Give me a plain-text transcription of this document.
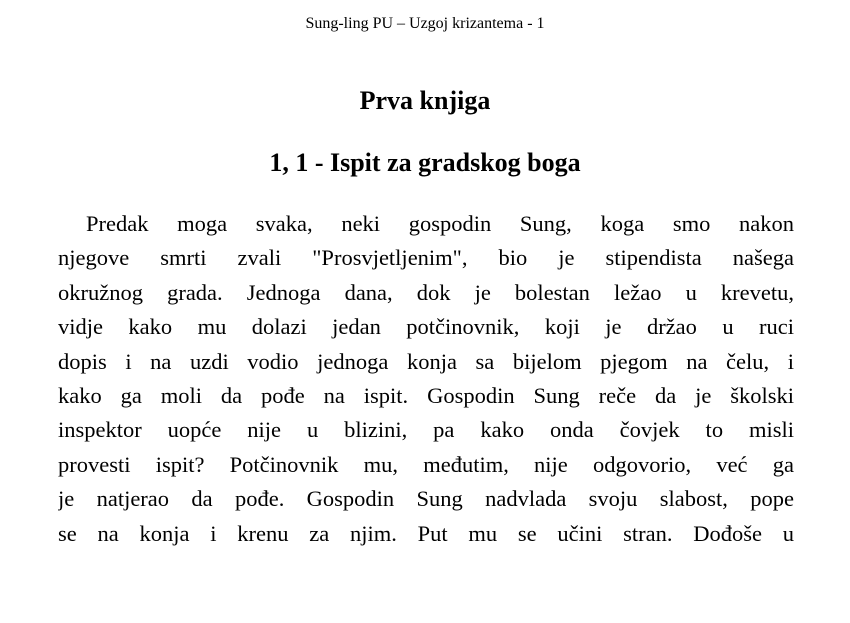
Sung-ling PU – Uzgoj krizantema - 1
Prva knjiga
1, 1 - Ispit za gradskog boga
Predak moga svaka, neki gospodin Sung, koga smo nakon
njegove smrti zvali "Prosvjetljenim", bio je stipendista našega
okružnog grada. Jednoga dana, dok je bolestan ležao u krevetu,
vidje kako mu dolazi jedan potčinovnik, koji je držao u ruci
dopis i na uzdi vodio jednoga konja sa bijelom pjegom na čelu, i
kako ga moli da pođe na ispit. Gospodin Sung reče da je školski
inspektor uopće nije u blizini, pa kako onda čovjek to misli
provesti ispit? Potčinovnik mu, međutim, nije odgovorio, već ga
je natjerao da pođe. Gospodin Sung nadvlada svoju slabost, pope
se na konja i krenu za njim. Put mu se učini stran. Dođoše u
